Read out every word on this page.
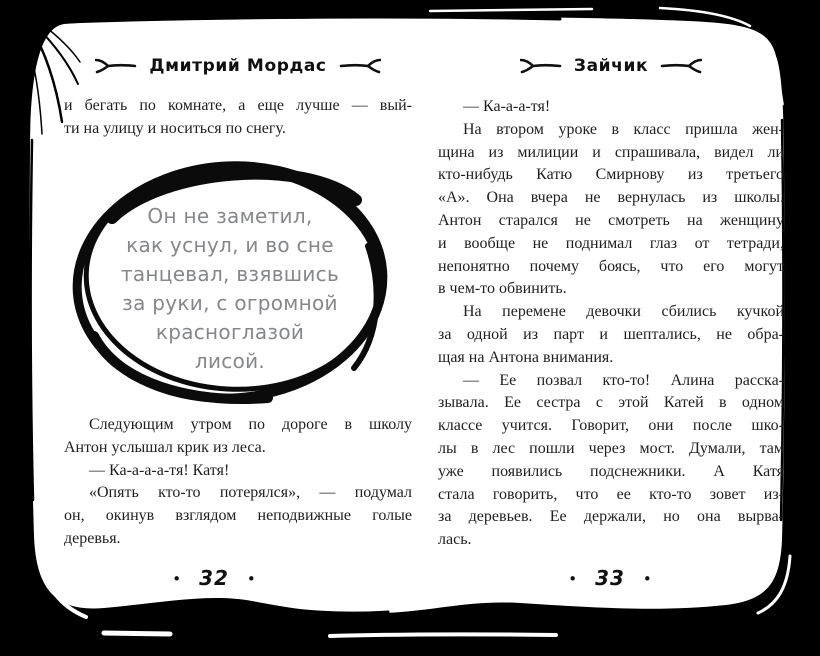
Дмитрий Мордас
и бегать по комнате, а еще лучше — вый-
ти на улицу и носиться по снегу.
Он не заметил,
как уснул, и во сне
танцевал, взявшись
за руки, с огромной
красноглазой
лисой.
Следующим утром по дороге в школу
Антон услышал крик из леса.
— Ка-а-а-а-тя! Катя!
«Опять кто-то потерялся», — подумал
он, окинув взглядом неподвижные голые
деревья.
• 32 •
Зайчик
— Ка-а-а-тя!
На втором уроке в класс пришла жен-
щина из милиции и спрашивала, видел ли
кто-нибудь Катю Смирнову из третьего
«А». Она вчера не вернулась из школы.
Антон старался не смотреть на женщину
и вообще не поднимал глаз от тетради,
непонятно почему боясь, что его могут
в чем-то обвинить.
На перемене девочки сбились кучкой
за одной из парт и шептались, не обра-
щая на Антона внимания.
— Ее позвал кто-то! Алина расска-
зывала. Ее сестра с этой Катей в одном
классе учится. Говорит, они после шко-
лы в лес пошли через мост. Думали, там
уже появились подснежники. А Катя
стала говорить, что ее кто-то зовет из-
за деревьев. Ее держали, но она вырва-
лась.
• 33 •
